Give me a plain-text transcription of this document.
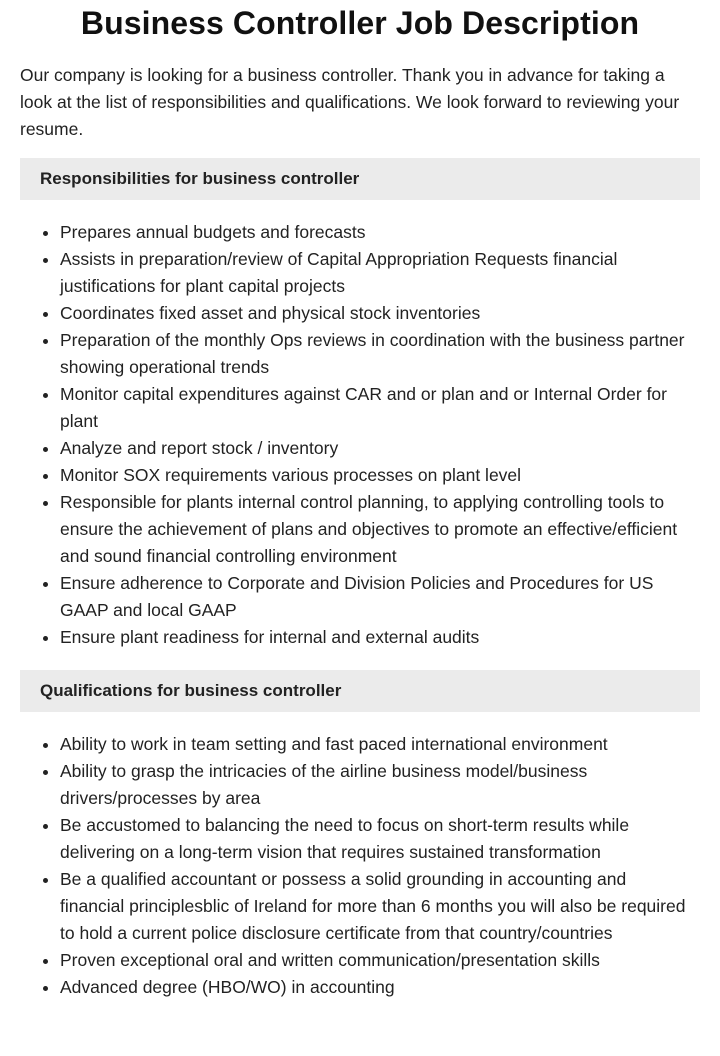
Business Controller Job Description

Our company is looking for a business controller. Thank you in advance for taking a look at the list of responsibilities and qualifications. We look forward to reviewing your resume.

Responsibilities for business controller
• Prepares annual budgets and forecasts
• Assists in preparation/review of Capital Appropriation Requests financial justifications for plant capital projects
• Coordinates fixed asset and physical stock inventories
• Preparation of the monthly Ops reviews in coordination with the business partner showing operational trends
• Monitor capital expenditures against CAR and or plan and or Internal Order for plant
• Analyze and report stock / inventory
• Monitor SOX requirements various processes on plant level
• Responsible for plants internal control planning, to applying controlling tools to ensure the achievement of plans and objectives to promote an effective/efficient and sound financial controlling environment
• Ensure adherence to Corporate and Division Policies and Procedures for US GAAP and local GAAP
• Ensure plant readiness for internal and external audits
Qualifications for business controller
• Ability to work in team setting and fast paced international environment
• Ability to grasp the intricacies of the airline business model/business drivers/processes by area
• Be accustomed to balancing the need to focus on short-term results while delivering on a long-term vision that requires sustained transformation
• Be a qualified accountant or possess a solid grounding in accounting and financial principlesblic of Ireland for more than 6 months you will also be required to hold a current police disclosure certificate from that country/countries
• Proven exceptional oral and written communication/presentation skills
• Advanced degree (HBO/WO) in accounting
